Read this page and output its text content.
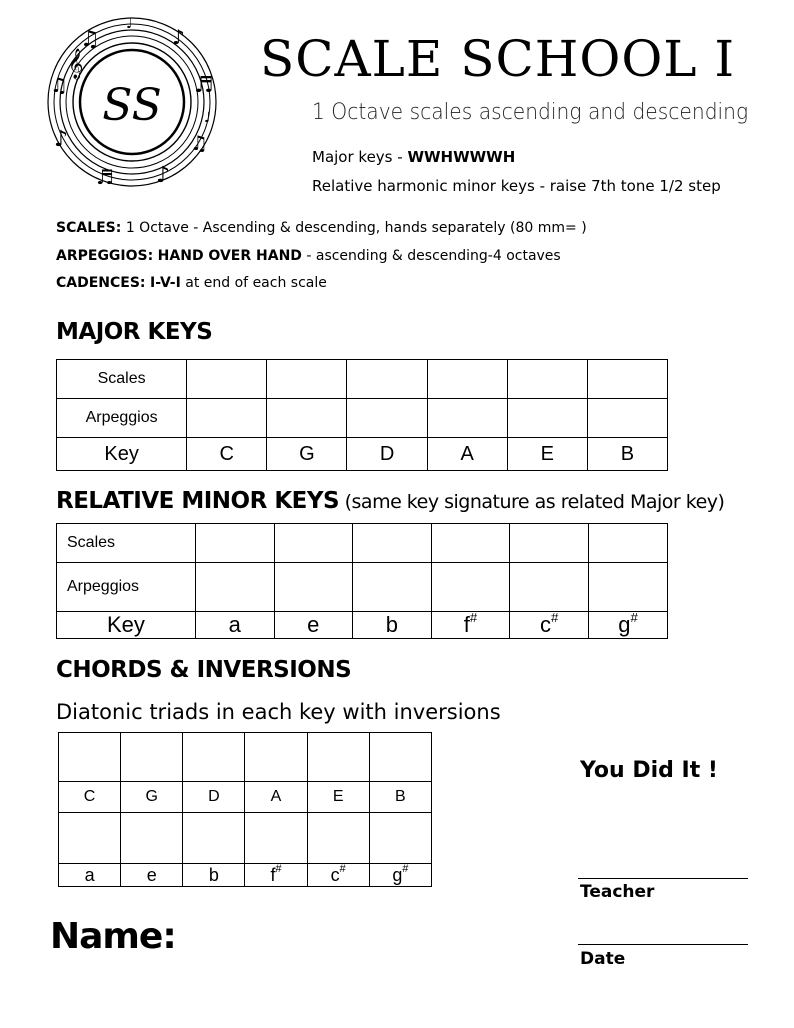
♫	♪
♬
♫
♪
♬
♪
♫
♩
♩
𝄞
SS
SCALE SCHOOL I
1 Octave scales ascending and descending
Major keys - WWHWWWH
Relative harmonic minor keys - raise 7th tone 1/2 step
SCALES: 1 Octave - Ascending & descending, hands separately (80 mm= )
ARPEGGIOS: HAND OVER HAND - ascending & descending-4 octaves
CADENCES: I-V-I at end of each scale
MAJOR KEYS
Scales						
Arpeggios						
Key	C	G	D	A	E	B
RELATIVE MINOR KEYS (same key signature as related Major key)
Scales						
Arpeggios						
Key	a	e	b	f#	c#	g#
CHORDS & INVERSIONS
Diatonic triads in each key with inversions

C	G	D	A	E	B

a	e	b	f#	c#	g#
You Did It !
Teacher
Date
Name:
